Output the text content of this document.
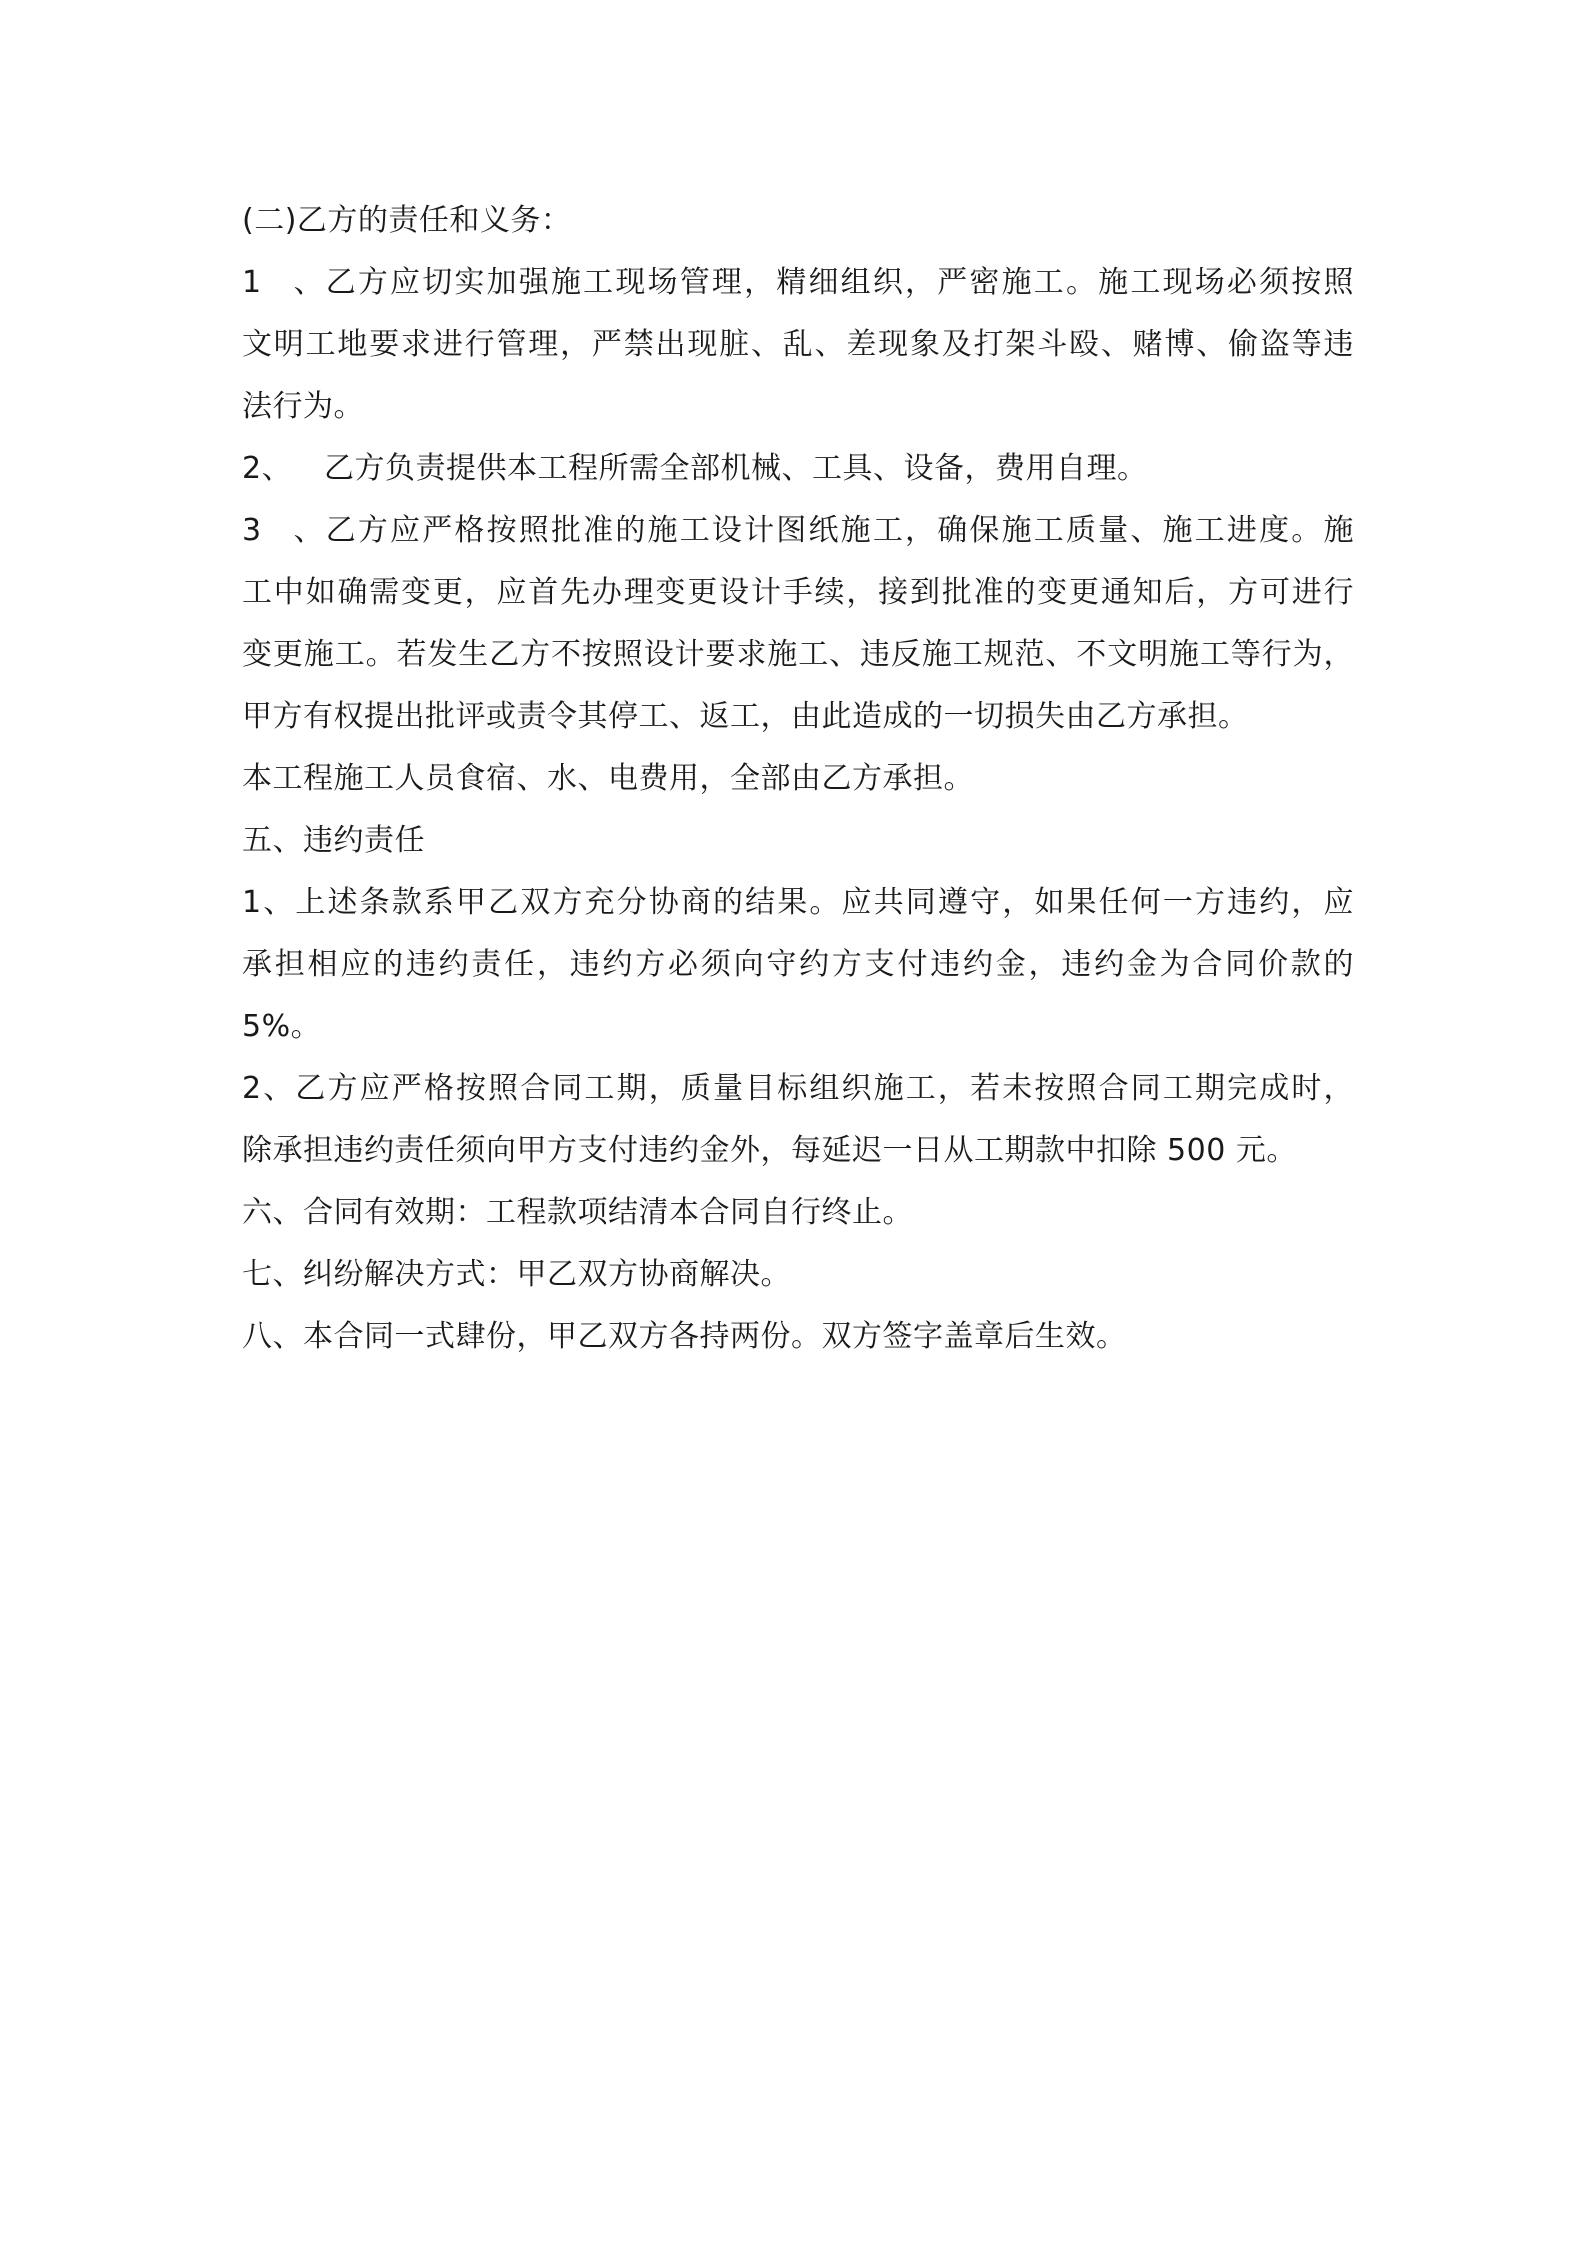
(二)乙方的责任和义务：
1、乙方应切实加强施工现场管理，精细组织，严密施工。施工现场必须按照
文明工地要求进行管理，严禁出现脏、乱、差现象及打架斗殴、赌博、偷盗等违
法行为。
2、 乙方负责提供本工程所需全部机械、工具、设备，费用自理。
3、乙方应严格按照批准的施工设计图纸施工，确保施工质量、施工进度。施
工中如确需变更，应首先办理变更设计手续，接到批准的变更通知后，方可进行
变更施工。若发生乙方不按照设计要求施工、违反施工规范、不文明施工等行为，
甲方有权提出批评或责令其停工、返工，由此造成的一切损失由乙方承担。
本工程施工人员食宿、水、电费用，全部由乙方承担。
五、违约责任
1、上述条款系甲乙双方充分协商的结果。应共同遵守，如果任何一方违约，应
承担相应的违约责任，违约方必须向守约方支付违约金，违约金为合同价款的
5%。
2、乙方应严格按照合同工期，质量目标组织施工，若未按照合同工期完成时，
除承担违约责任须向甲方支付违约金外，每延迟一日从工期款中扣除 500 元。
六、合同有效期：工程款项结清本合同自行终止。
七、纠纷解决方式：甲乙双方协商解决。
八、本合同一式肆份，甲乙双方各持两份。双方签字盖章后生效。
